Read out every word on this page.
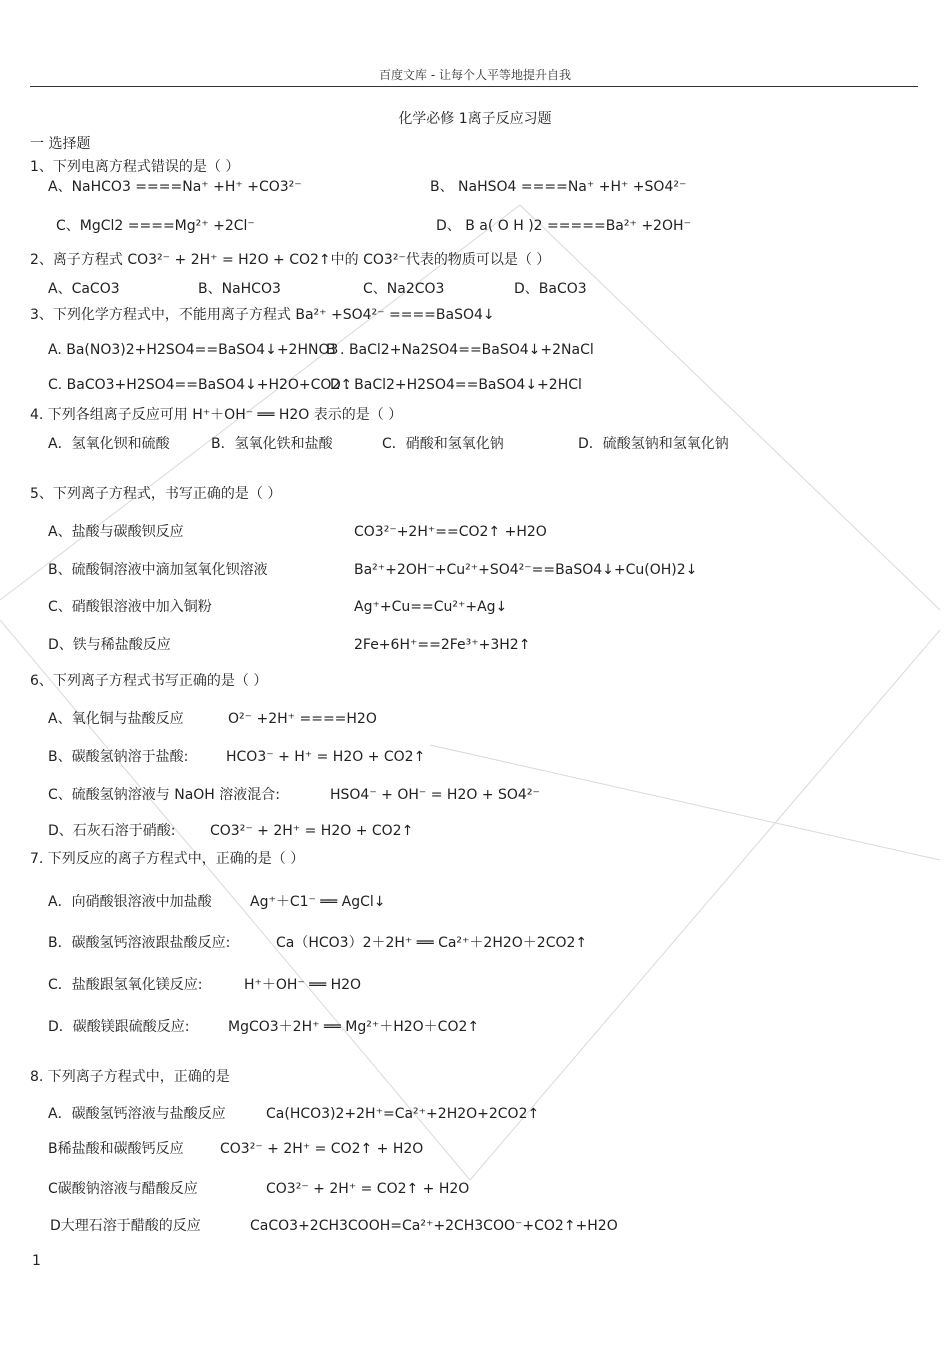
百度文库 - 让每个人平等地提升自我
化学必修 1离子反应习题
一 选择题
1、下列电离方程式错误的是（ ）
A、NaHCO3 ====Na⁺ +H⁺ +CO3²⁻	B、 NaHSO4 ====Na⁺ +H⁺ +SO4²⁻
C、MgCl2 ====Mg²⁺ +2Cl⁻	D、 B a( O H )2 =====Ba²⁺ +2OH⁻
2、离子方程式 CO3²⁻ + 2H⁺ = H2O + CO2↑中的 CO3²⁻代表的物质可以是（ ）
A、CaCO3	B、NaHCO3	C、Na2CO3	D、BaCO3
3、下列化学方程式中，不能用离子方程式 Ba²⁺ +SO4²⁻ ====BaSO4↓
A. Ba(NO3)2+H2SO4==BaSO4↓+2HNO3
B . BaCl2+Na2SO4==BaSO4↓+2NaCl
C. BaCO3+H2SO4==BaSO4↓+H2O+CO2↑
D . BaCl2+H2SO4==BaSO4↓+2HCl
4. 下列各组离子反应可用 H⁺＋OH⁻ ══ H2O 表示的是（ ）
A．氢氧化钡和硫酸	B．氢氧化铁和盐酸	C．硝酸和氢氧化钠	D．硫酸氢钠和氢氧化钠
5、下列离子方程式，书写正确的是（ ）
A、盐酸与碳酸钡反应	CO3²⁻+2H⁺==CO2↑ +H2O
B、硫酸铜溶液中滴加氢氧化钡溶液	Ba²⁺+2OH⁻+Cu²⁺+SO4²⁻==BaSO4↓+Cu(OH)2↓
C、硝酸银溶液中加入铜粉	Ag⁺+Cu==Cu²⁺+Ag↓
D、铁与稀盐酸反应	2Fe+6H⁺==2Fe³⁺+3H2↑
6、下列离子方程式书写正确的是（ ）
A、氧化铜与盐酸反应	O²⁻ +2H⁺ ====H2O
B、碳酸氢钠溶于盐酸:	HCO3⁻ + H⁺ = H2O + CO2↑
C、硫酸氢钠溶液与 NaOH 溶液混合:	HSO4⁻ + OH⁻ = H2O + SO4²⁻
D、石灰石溶于硝酸: CO3²⁻ + 2H⁺ = H2O + CO2↑
7. 下列反应的离子方程式中，正确的是（ ）
A．向硝酸银溶液中加盐酸	Ag⁺＋C1⁻ ══ AgCl↓
B．碳酸氢钙溶液跟盐酸反应:	Ca（HCO3）2＋2H⁺ ══ Ca²⁺＋2H2O＋2CO2↑
C．盐酸跟氢氧化镁反应:	H⁺＋OH⁻ ══ H2O
D．碳酸镁跟硫酸反应:	MgCO3＋2H⁺ ══ Mg²⁺＋H2O＋CO2↑
8. 下列离子方程式中，正确的是
A．碳酸氢钙溶液与盐酸反应	Ca(HCO3)2+2H⁺=Ca²⁺+2H2O+2CO2↑
B稀盐酸和碳酸钙反应	CO3²⁻ + 2H⁺ = CO2↑ + H2O
C碳酸钠溶液与醋酸反应	CO3²⁻ + 2H⁺ = CO2↑ + H2O
D大理石溶于醋酸的反应	CaCO3+2CH3COOH=Ca²⁺+2CH3COO⁻+CO2↑+H2O
1
